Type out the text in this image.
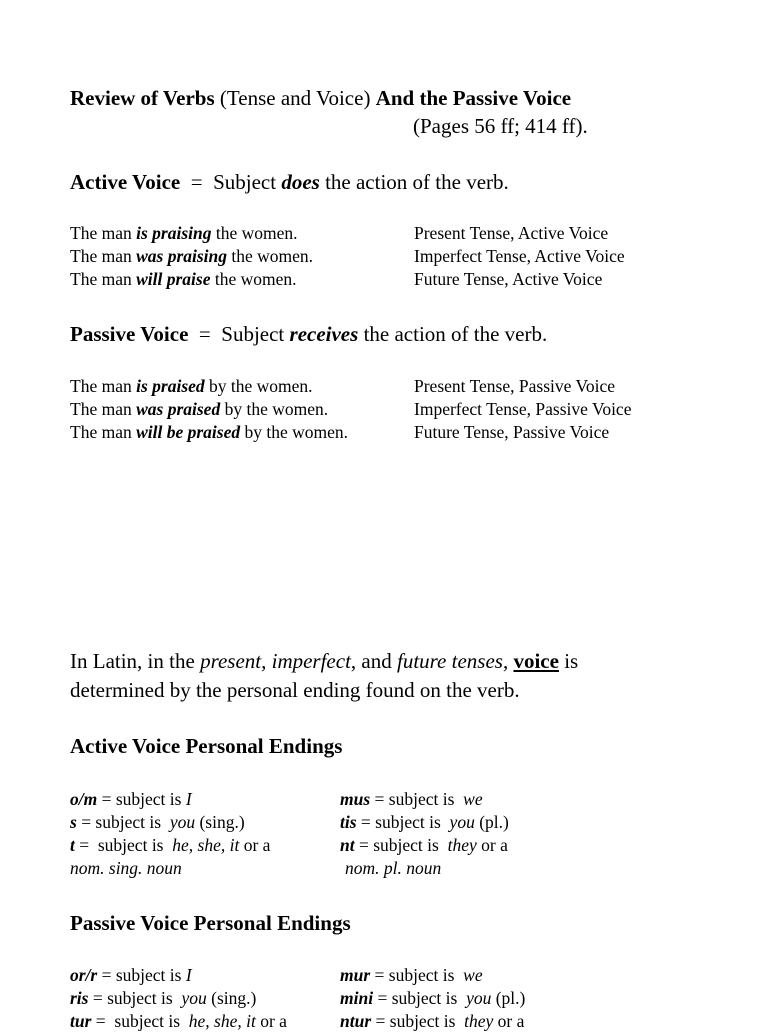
Review of Verbs (Tense and Voice) And the Passive Voice
(Pages 56 ff; 414 ff).
Active Voice  =  Subject does the action of the verb.
The man is praising the women.
The man was praising the women.
The man will praise the women.
Present Tense, Active Voice
Imperfect Tense, Active Voice
Future Tense, Active Voice
Passive Voice  =  Subject receives the action of the verb.
The man is praised by the women.
The man was praised by the women.
The man will be praised by the women.
Present Tense, Passive Voice
Imperfect Tense, Passive Voice
Future Tense, Passive Voice
In Latin, in the present, imperfect, and future tenses, voice is
determined by the personal ending found on the verb.
Active Voice Personal Endings
o/m = subject is I
s = subject is  you (sing.)
t =  subject is  he, she, it or a
nom. sing. noun
mus = subject is  we
tis = subject is  you (pl.)
nt = subject is  they or a
nom. pl. noun
Passive Voice Personal Endings
or/r = subject is I
ris = subject is  you (sing.)
tur =  subject is  he, she, it or a
mur = subject is  we
mini = subject is  you (pl.)
ntur = subject is  they or a
